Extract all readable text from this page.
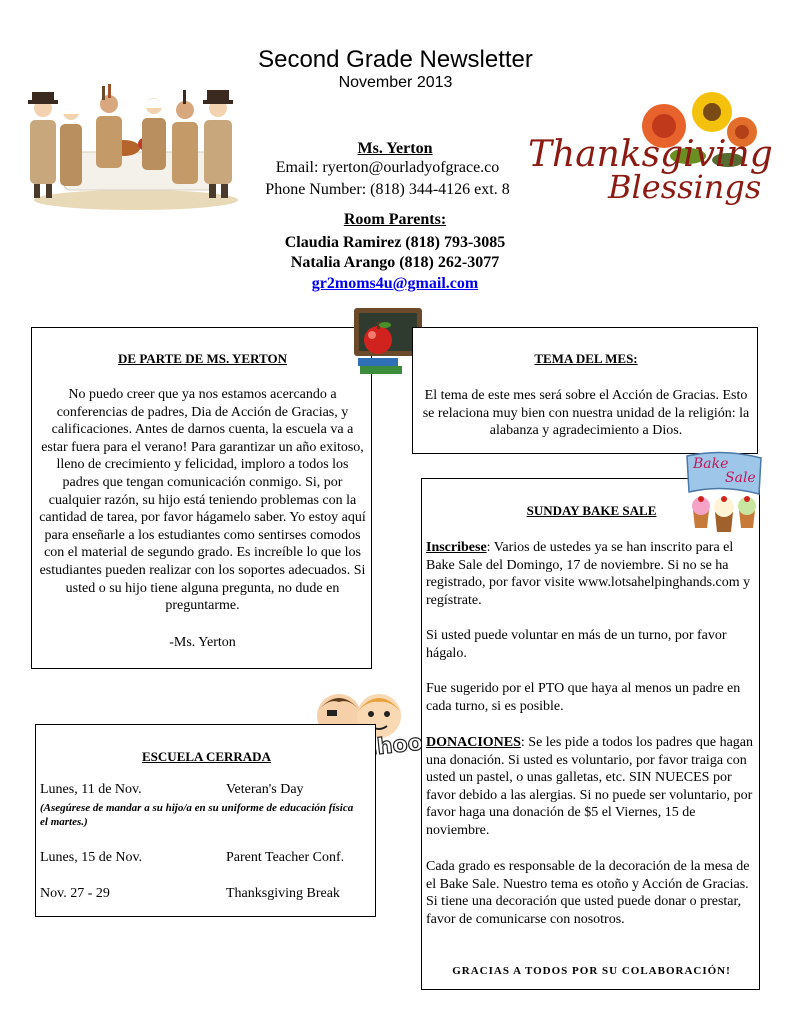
Second Grade Newsletter
November 2013
Ms. Yerton
Email: ryerton@ourladyofgrace.co
Phone Number: (818) 344-4126 ext. 8
Thanksgiving
Blessings
Room Parents:
Claudia Ramirez (818) 793-3085
Natalia Arango (818) 262-3077
gr2moms4u@gmail.com
DE PARTE DE MS. YERTON
No puedo creer que ya nos estamos acercando a conferencias de padres, Dia de Acción de Gracias, y calificaciones. Antes de darnos cuenta, la escuela va a estar fuera para el verano! Para garantizar un año exitoso, lleno de crecimiento y felicidad, imploro a todos los padres que tengan comunicación conmigo. Si, por cualquier razón, su hijo está teniendo problemas con la cantidad de tarea, por favor hágamelo saber. Yo estoy aquí para enseñarle a los estudiantes como sentirses comodos con el material de segundo grado. Es increíble lo que los estudiantes pueden realizar con los soportes adecuados. Si usted o su hijo tiene alguna pregunta, no dude en preguntarme.
-Ms. Yerton
TEMA DEL MES:
El tema de este mes será sobre el Acción de Gracias. Esto se relaciona muy bien con nuestra unidad de la religión: la alabanza y agradecimiento a Dios.
School
ESCUELA CERRADA
Lunes, 11 de Nov.	Veteran's Day
(Asegúrese de mandar a su hijo/a en su uniforme de educación física el martes.)
Lunes, 15 de Nov.	Parent Teacher Conf.
Nov. 27 - 29	Thanksgiving Break
SUNDAY BAKE SALE
Inscribese: Varios de ustedes ya se han inscrito para el Bake Sale del Domingo, 17 de noviembre. Si no se ha registrado, por favor visite www.lotsahelpinghands.com y regístrate.
Si usted puede voluntar en más de un turno, por favor hágalo.
Fue sugerido por el PTO que haya al menos un padre en cada turno, si es posible.
DONACIONES: Se les pide a todos los padres que hagan una donación. Si usted es voluntario, por favor traiga con usted un pastel, o unas galletas, etc. SIN NUECES por favor debido a las alergias. Si no puede ser voluntario, por favor haga una donación de $5 el Viernes, 15 de noviembre.
Cada grado es responsable de la decoración de la mesa de el Bake Sale. Nuestro tema es otoño y Acción de Gracias. Si tiene una decoración que usted puede donar o prestar, favor de comunicarse con nosotros.
GRACIAS A TODOS POR SU COLABORACIÓN!
Bake
Sale
